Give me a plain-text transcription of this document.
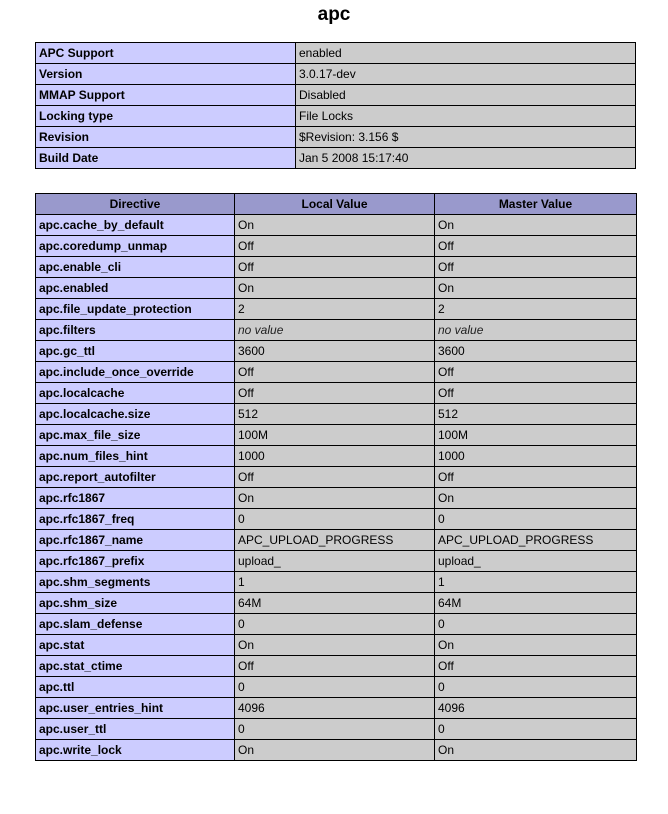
apc
APC Support	enabled
Version	3.0.17-dev
MMAP Support	Disabled
Locking type	File Locks
Revision	$Revision: 3.156 $
Build Date	Jan 5 2008 15:17:40
Directive	Local Value	Master Value
apc.cache_by_default	On	On
apc.coredump_unmap	Off	Off
apc.enable_cli	Off	Off
apc.enabled	On	On
apc.file_update_protection	2	2
apc.filters	no value	no value
apc.gc_ttl	3600	3600
apc.include_once_override	Off	Off
apc.localcache	Off	Off
apc.localcache.size	512	512
apc.max_file_size	100M	100M
apc.num_files_hint	1000	1000
apc.report_autofilter	Off	Off
apc.rfc1867	On	On
apc.rfc1867_freq	0	0
apc.rfc1867_name	APC_UPLOAD_PROGRESS	APC_UPLOAD_PROGRESS
apc.rfc1867_prefix	upload_	upload_
apc.shm_segments	1	1
apc.shm_size	64M	64M
apc.slam_defense	0	0
apc.stat	On	On
apc.stat_ctime	Off	Off
apc.ttl	0	0
apc.user_entries_hint	4096	4096
apc.user_ttl	0	0
apc.write_lock	On	On
